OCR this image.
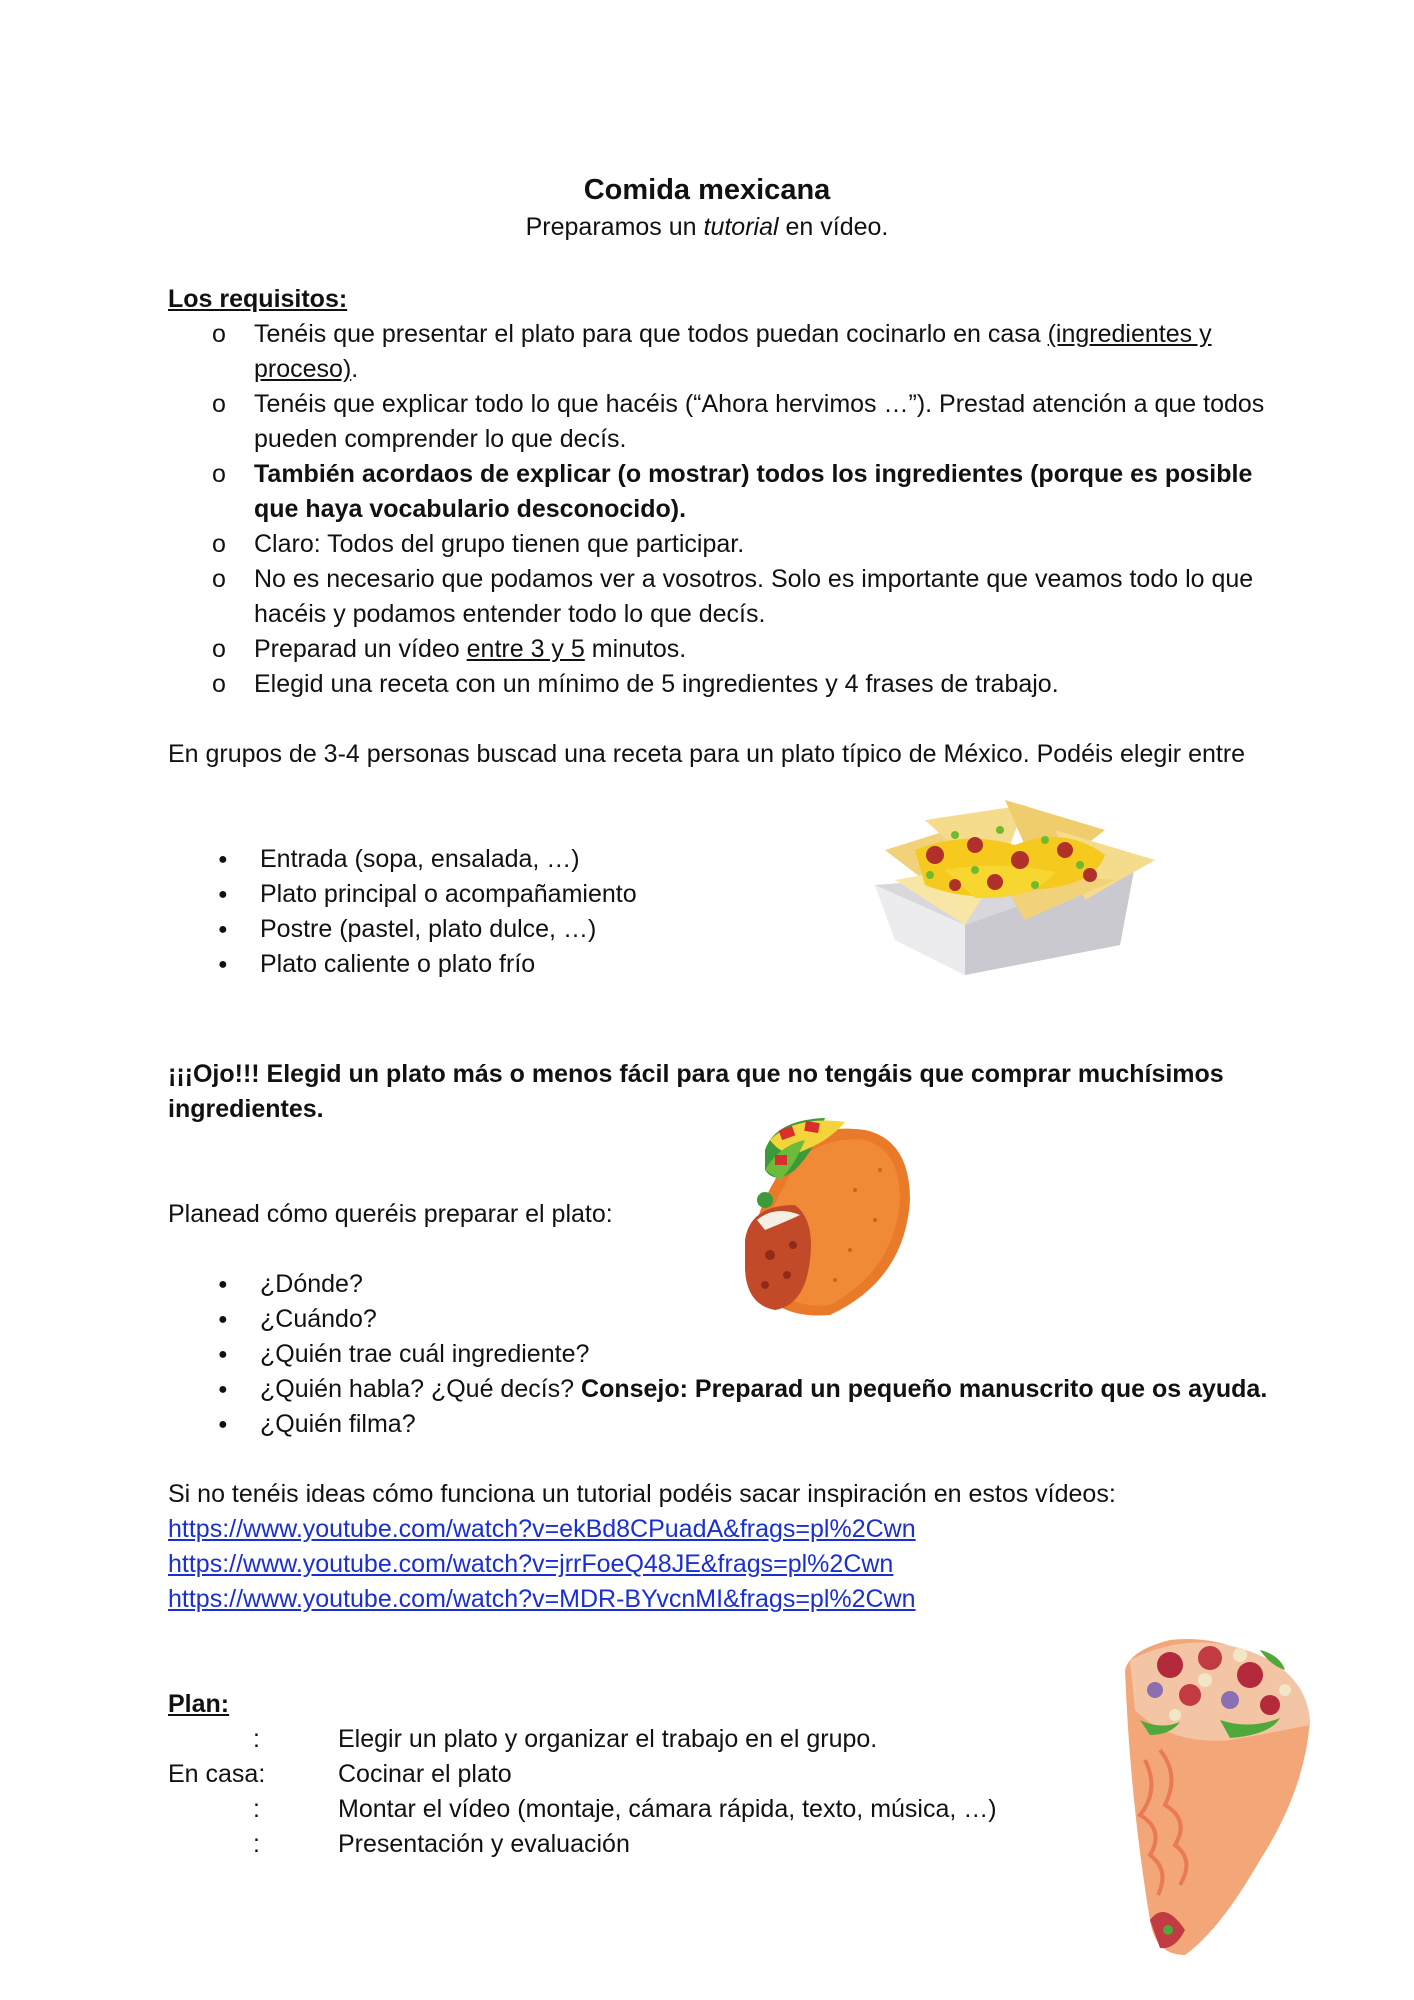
Comida mexicana
Preparamos un tutorial en vídeo.
Los requisitos:
o Tenéis que presentar el plato para que todos puedan cocinarlo en casa (ingredientes y proceso).
o Tenéis que explicar todo lo que hacéis (“Ahora hervimos …”). Prestad atención a que todos pueden comprender lo que decís.
o También acordaos de explicar (o mostrar) todos los ingredientes (porque es posible que haya vocabulario desconocido).
o Claro: Todos del grupo tienen que participar.
o No es necesario que podamos ver a vosotros. Solo es importante que veamos todo lo que hacéis y podamos entender todo lo que decís.
o Preparad un vídeo entre 3 y 5 minutos.
o Elegid una receta con un mínimo de 5 ingredientes y 4 frases de trabajo.
En grupos de 3-4 personas buscad una receta para un plato típico de México. Podéis elegir entre
● Entrada (sopa, ensalada, …)
● Plato principal o acompañamiento
● Postre (pastel, plato dulce, …)
● Plato caliente o plato frío
¡¡¡Ojo!!! Elegid un plato más o menos fácil para que no tengáis que comprar muchísimos ingredientes.
Planead cómo queréis preparar el plato:
● ¿Dónde?
● ¿Cuándo?
● ¿Quién trae cuál ingrediente?
● ¿Quién habla? ¿Qué decís? Consejo: Preparad un pequeño manuscrito que os ayuda.
● ¿Quién filma?
Si no tenéis ideas cómo funciona un tutorial podéis sacar inspiración en estos vídeos:
https://www.youtube.com/watch?v=ekBd8CPuadA&frags=pl%2Cwn
https://www.youtube.com/watch?v=jrrFoeQ48JE&frags=pl%2Cwn
https://www.youtube.com/watch?v=MDR-BYvcnMI&frags=pl%2Cwn
Plan:
:	Elegir un plato y organizar el trabajo en el grupo.
En casa:	Cocinar el plato
:	Montar el vídeo (montaje, cámara rápida, texto, música, …)
:	Presentación y evaluación
